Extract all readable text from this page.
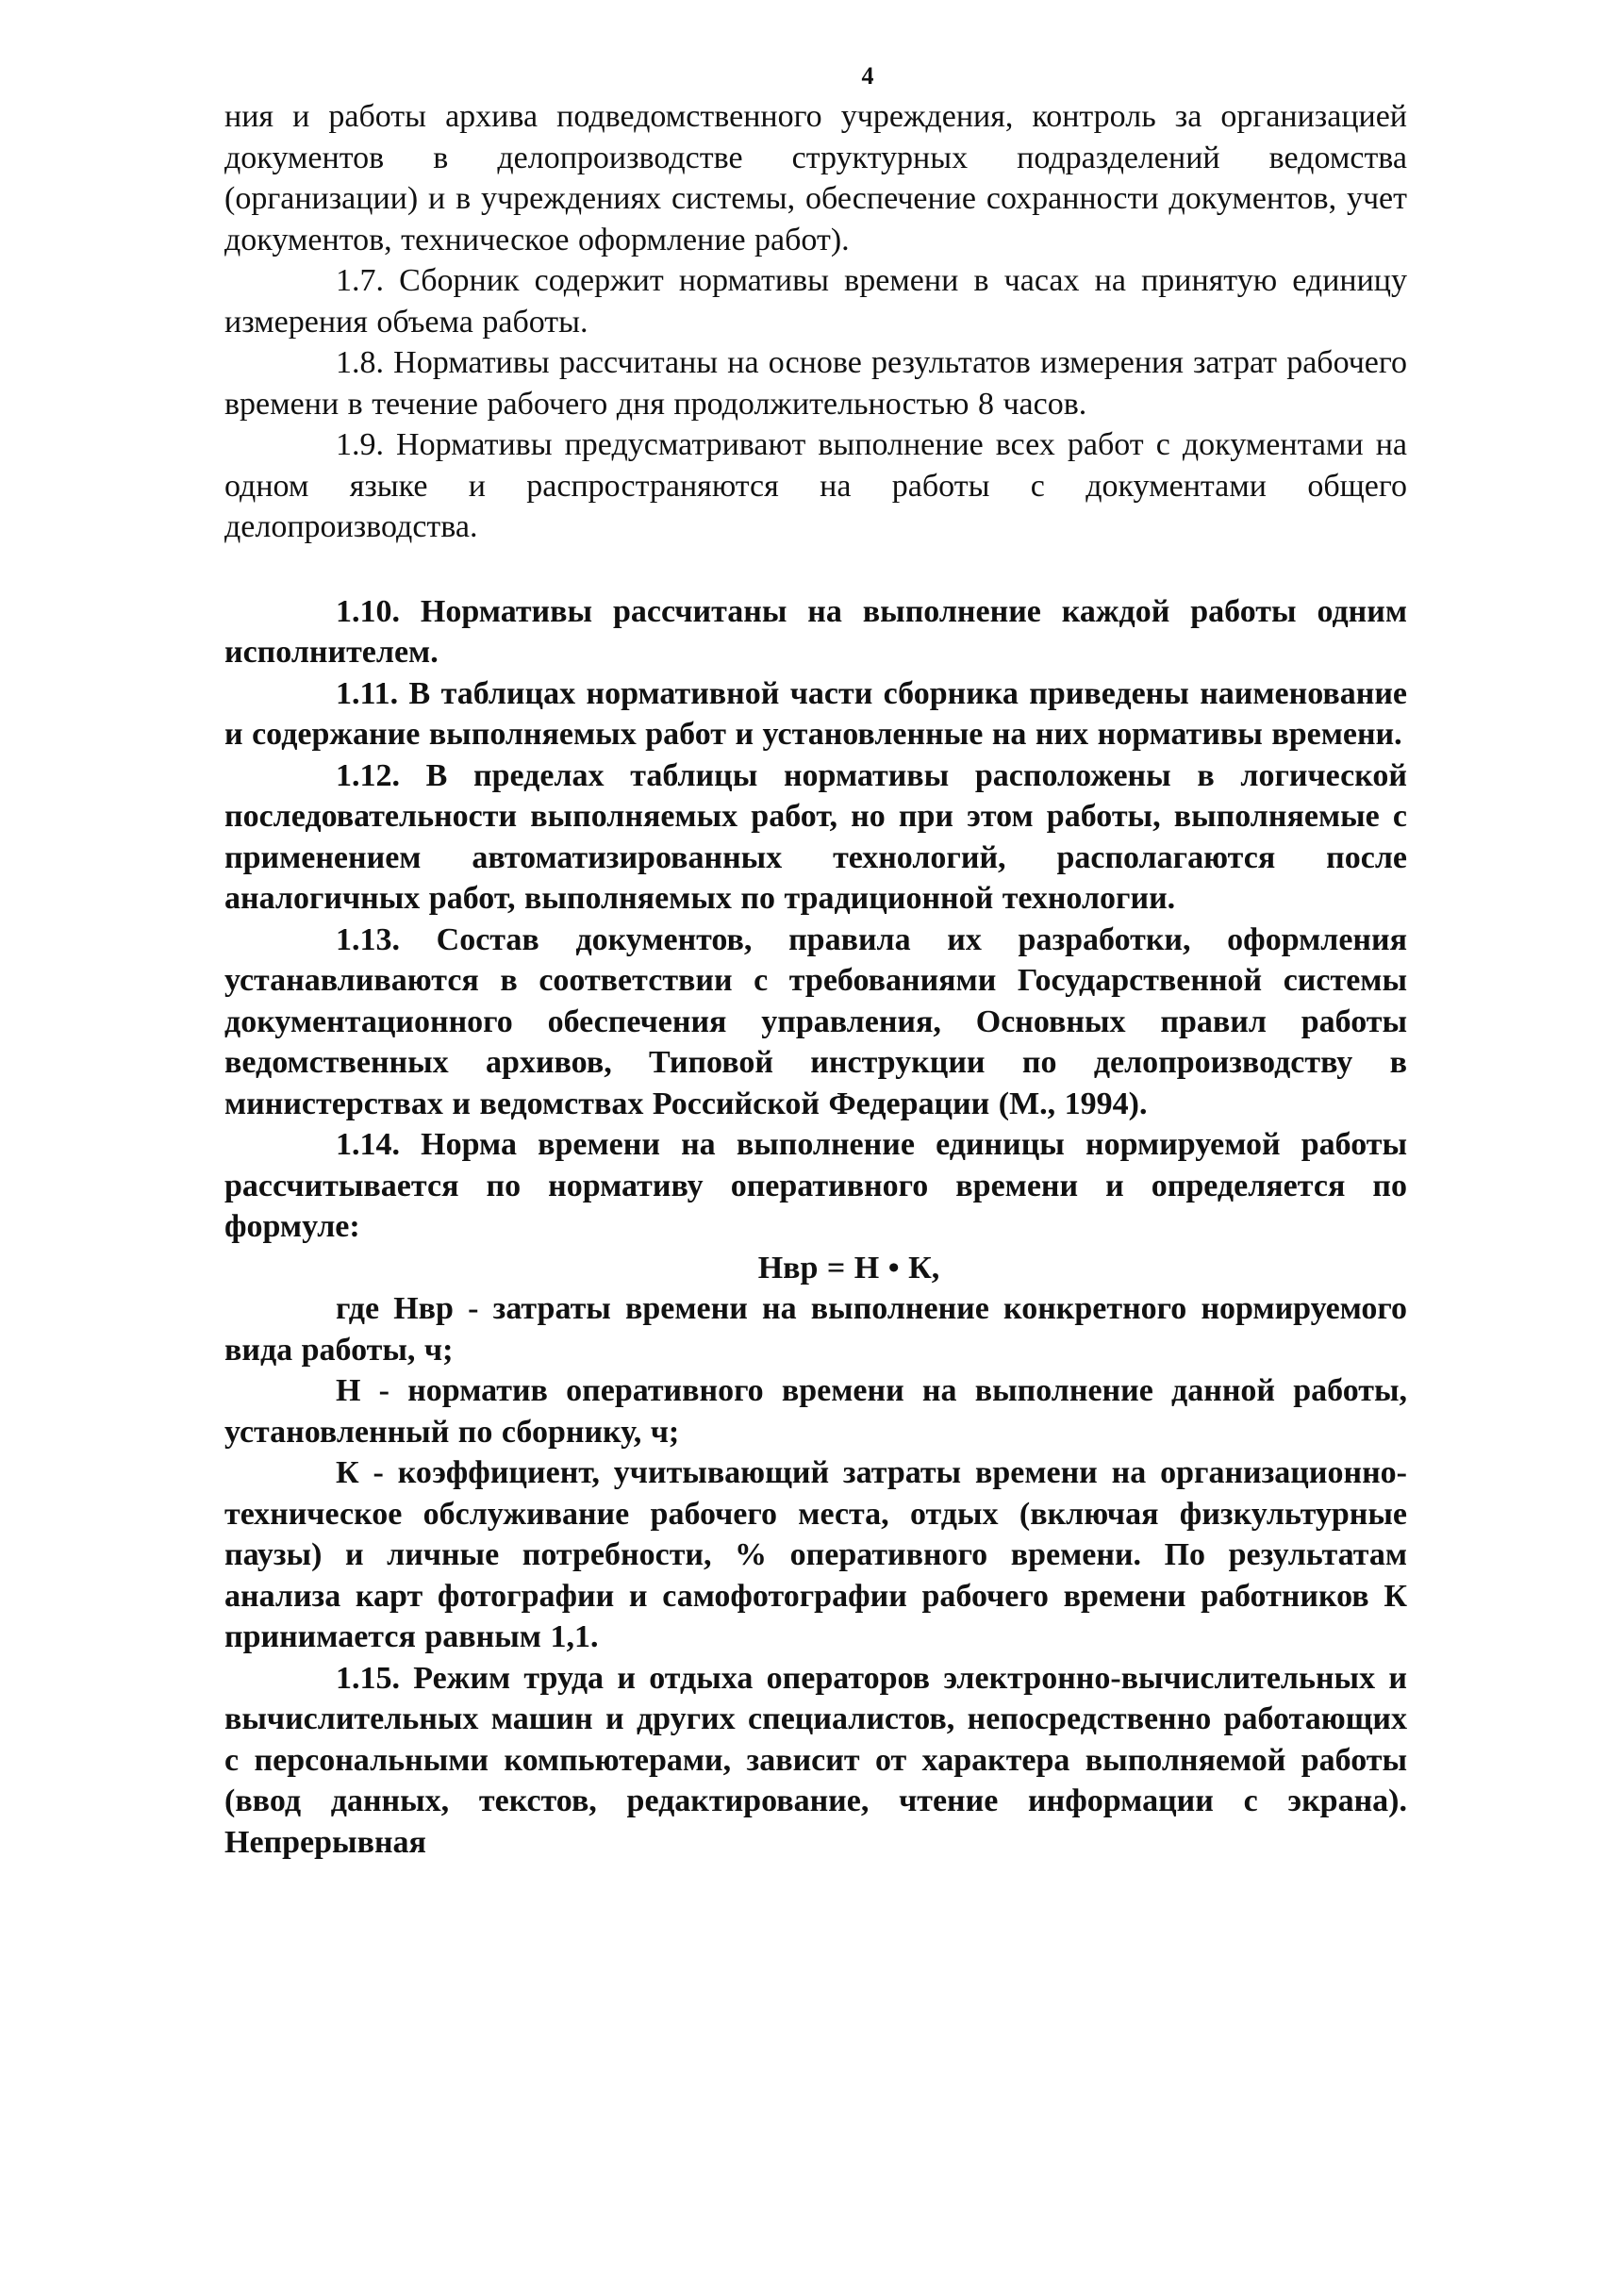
4

ния и работы архива подведомственного учреждения, контроль за организацией документов в делопроизводстве структурных подразделений ведомства (организации) и в учреждениях системы, обеспечение сохранности документов, учет документов, техническое оформление работ).

1.7. Сборник содержит нормативы времени в часах на принятую единицу измерения объема работы.

1.8. Нормативы рассчитаны на основе результатов измерения затрат рабочего времени в течение рабочего дня продолжительностью 8 часов.

1.9. Нормативы предусматривают выполнение всех работ с документами на одном языке и распространяются на работы с документами общего делопроизводства.

1.10. Нормативы рассчитаны на выполнение каждой работы одним исполнителем.

1.11. В таблицах нормативной части сборника приведены наименование и содержание выполняемых работ и установленные на них нормативы времени.

1.12. В пределах таблицы нормативы расположены в логической последовательности выполняемых работ, но при этом работы, выполняемые с применением автоматизированных технологий, располагаются после аналогичных работ, выполняемых по традиционной технологии.

1.13. Состав документов, правила их разработки, оформления устанавливаются в соответствии с требованиями Государственной системы документационного обеспечения управления, Основных правил работы ведомственных архивов, Типовой инструкции по делопроизводству в министерствах и ведомствах Российской Федерации (М., 1994).

1.14. Норма времени на выполнение единицы нормируемой работы рассчитывается по нормативу оперативного времени и определяется по формуле:

Нвр = Н • К,

где Нвр - затраты времени на выполнение конкретного нормируемого вида работы, ч;

Н - норматив оперативного времени на выполнение данной работы, установленный по сборнику, ч;

К - коэффициент, учитывающий затраты времени на организационно-техническое обслуживание рабочего места, отдых (включая физкультурные паузы) и личные потребности, % оперативного времени. По результатам анализа карт фотографии и самофотографии рабочего времени работников К принимается равным 1,1.

1.15. Режим труда и отдыха операторов электронно-вычислительных и вычислительных машин и других специалистов, непосредственно работающих с персональными компьютерами, зависит от характера выполняемой работы (ввод данных, текстов, редактирование, чтение информации с экрана). Непрерывная
